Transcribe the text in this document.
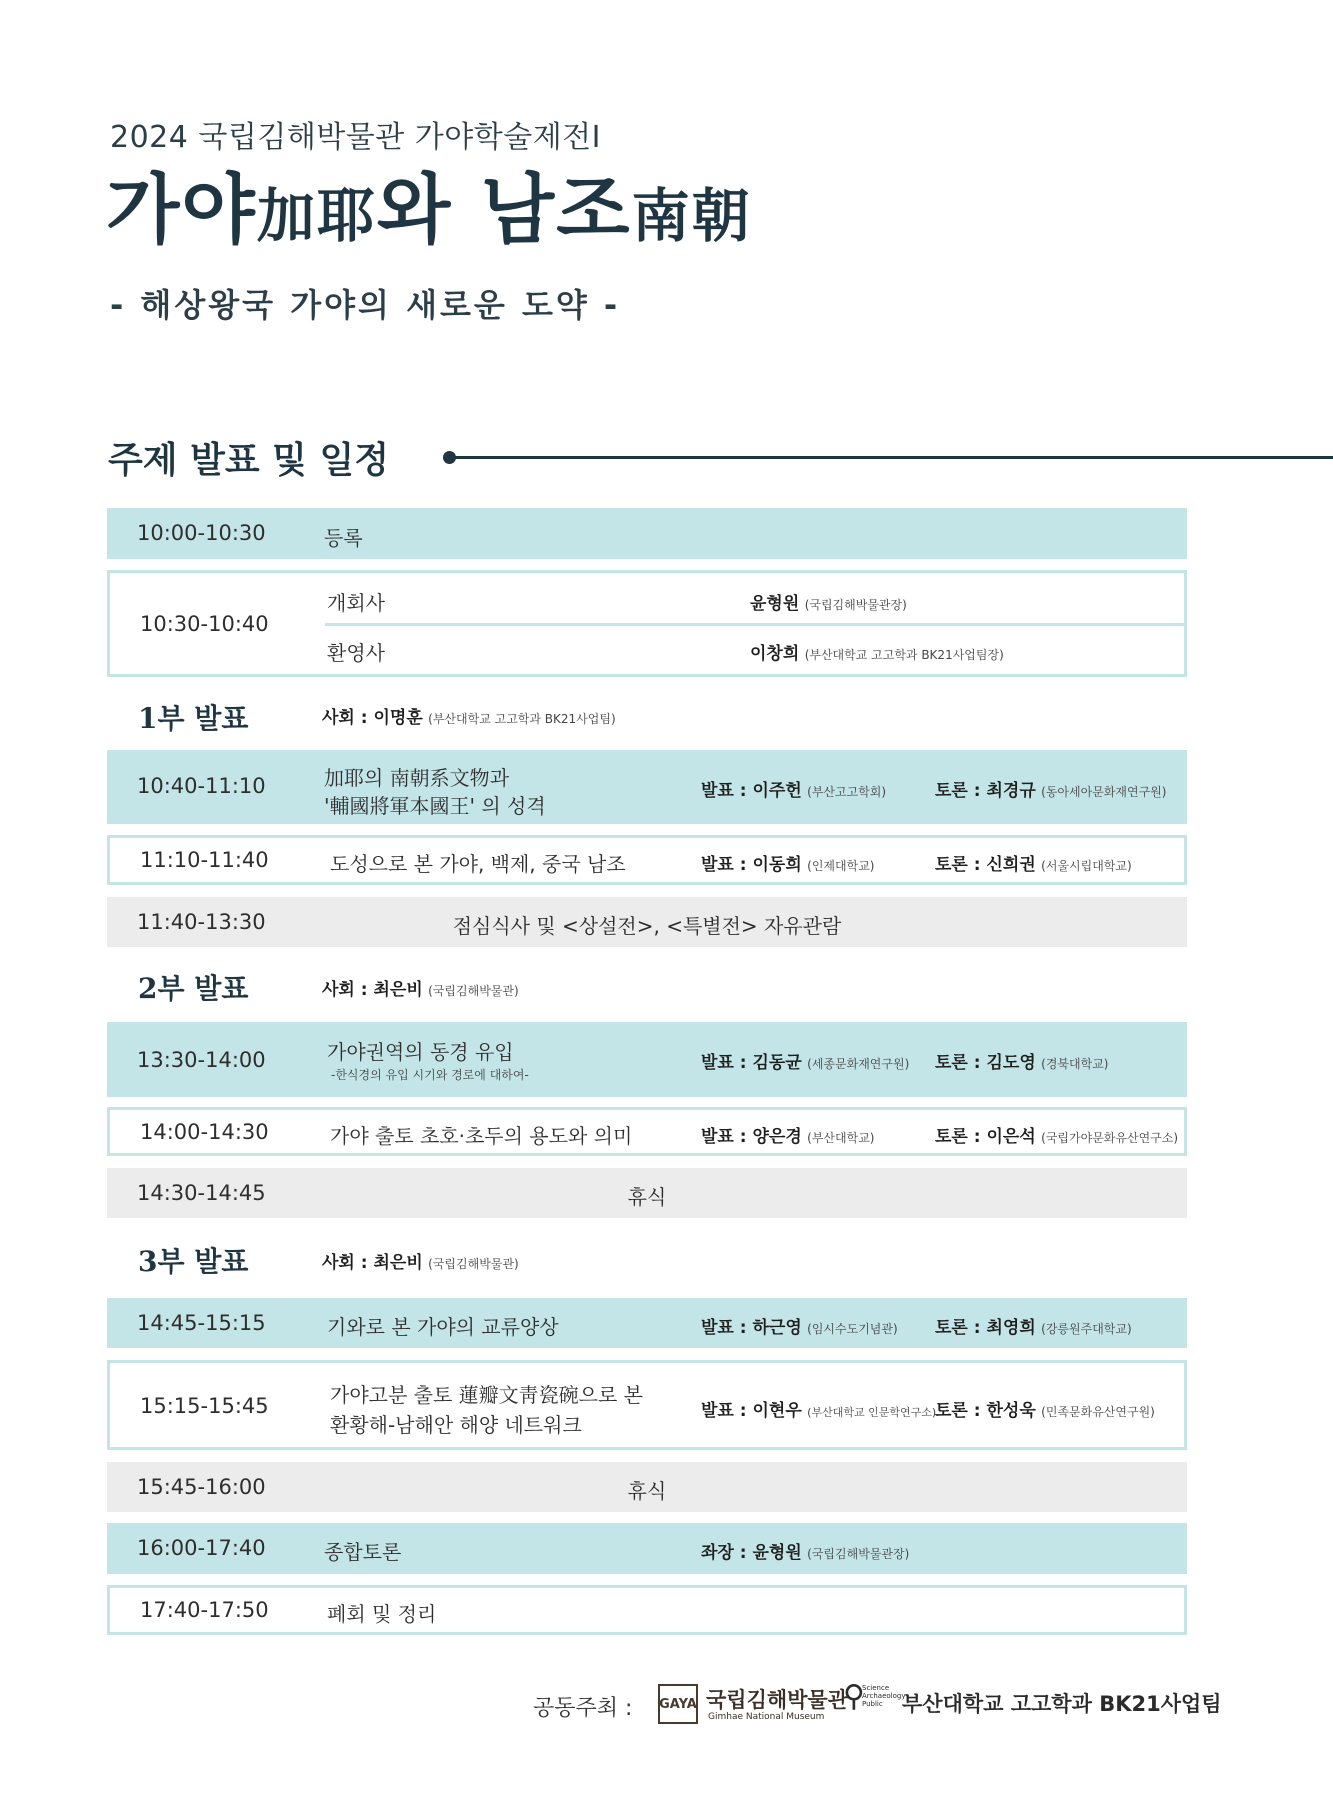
2024 국립김해박물관 가야학술제전Ⅰ
가야加耶와 남조南朝
- 해상왕국 가야의 새로운 도약 -
주제 발표 및 일정
10:00-10:30	등록
10:30-10:40
개회사	윤형원 (국립김해박물관장)
환영사	이창희 (부산대학교 고고학과 BK21사업팀장)
1부 발표	사회 : 이명훈 (부산대학교 고고학과 BK21사업팀)
10:40-11:10	加耶의 南朝系文物과
'輔國將軍本國王' 의 성격
발표 : 이주헌 (부산고고학회)	토론 : 최경규 (동아세아문화재연구원)
11:10-11:40	도성으로 본 가야, 백제, 중국 남조	발표 : 이동희 (인제대학교)	토론 : 신희권 (서울시립대학교)
11:40-13:30	점심식사 및 <상설전>, <특별전> 자유관람
2부 발표	사회 : 최은비 (국립김해박물관)
13:30-14:00	가야권역의 동경 유입
-한식경의 유입 시기와 경로에 대하여-
발표 : 김동균 (세종문화재연구원) 토론 : 김도영 (경북대학교)
14:00-14:30	가야 출토 초호·초두의 용도와 의미	발표 : 양은경 (부산대학교)	토론 : 이은석 (국립가야문화유산연구소)
14:30-14:45	휴식
3부 발표	사회 : 최은비 (국립김해박물관)
14:45-15:15	기와로 본 가야의 교류양상	발표 : 하근영 (임시수도기념관) 토론 : 최영희 (강릉원주대학교)
15:15-15:45	가야고분 출토 蓮瓣文靑瓷碗으로 본
환황해-남해안 해양 네트워크
발표 : 이현우 (부산대학교 인문학연구소)
토론 : 한성욱 (민족문화유산연구원)
15:45-16:00	휴식
16:00-17:40	종합토론	좌장 : 윤형원 (국립김해박물관장)
17:40-17:50	폐회 및 정리
공동주최 : GAYA 국립김해박물관
Gimhae National Museum
⚲
Science Archaeology Public 부산대학교 고고학과 BK21사업팀
